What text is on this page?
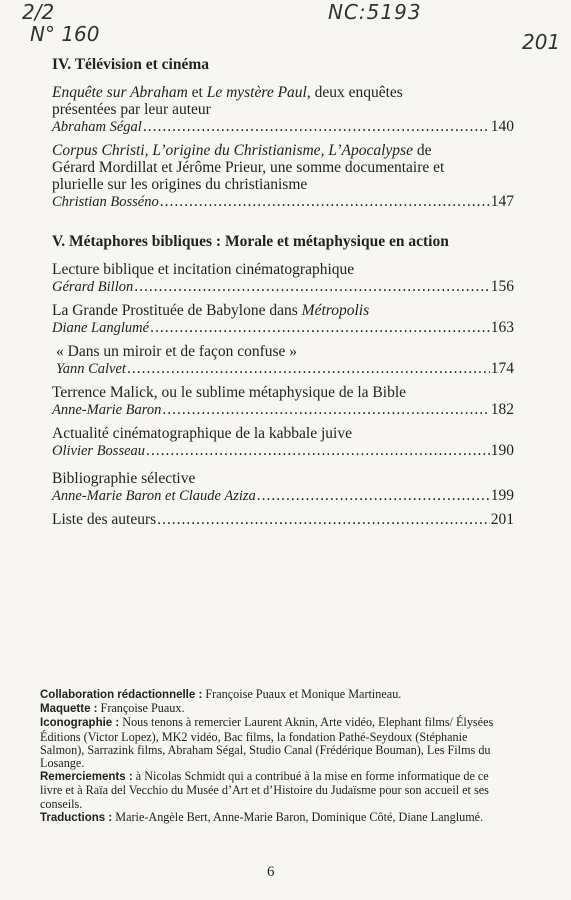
2/2
N° 160
NC:5193
201
IV. Télévision et cinéma

Enquête sur Abraham et Le mystère Paul, deux enquêtes
présentées par leur auteur

Abraham Ségal .....	140

Corpus Christi, L’origine du Christianisme, L’Apocalypse de
Gérard Mordillat et Jérôme Prieur, une somme documentaire et
plurielle sur les origines du christianisme

Christian Bosséno .....	147
V. Métaphores bibliques : Morale et métaphysique en action

Lecture biblique et incitation cinématographique

Gérard Billon .....	156

La Grande Prostituée de Babylone dans Métropolis

Diane Langlumé .....	163

« Dans un miroir et de façon confuse »

Yann Calvet .....	174

Terrence Malick, ou le sublime métaphysique de la Bible

Anne-Marie Baron .....	182

Actualité cinématographique de la kabbale juive

Olivier Bosseau .....	190

Bibliographie sélective

Anne-Marie Baron et Claude Aziza .....	199
Liste des auteurs .....	201

Collaboration rédactionnelle : Françoise Puaux et Monique Martineau.

Maquette : Françoise Puaux.

Iconographie : Nous tenons à remercier Laurent Aknin, Arte vidéo, Elephant films/ Élysées Éditions (Victor Lopez), MK2 vidéo, Bac films, la fondation Pathé-Seydoux (Stéphanie Salmon), Sarrazink films, Abraham Ségal, Studio Canal (Frédérique Bouman), Les Films du Losange.

Remerciements : à Nicolas Schmidt qui a contribué à la mise en forme informatique de ce livre et à Raïa del Vecchio du Musée d’Art et d’Histoire du Judaïsme pour son accueil et ses conseils.

Traductions : Marie-Angèle Bert, Anne-Marie Baron, Dominique Côté, Diane Langlumé.

6
